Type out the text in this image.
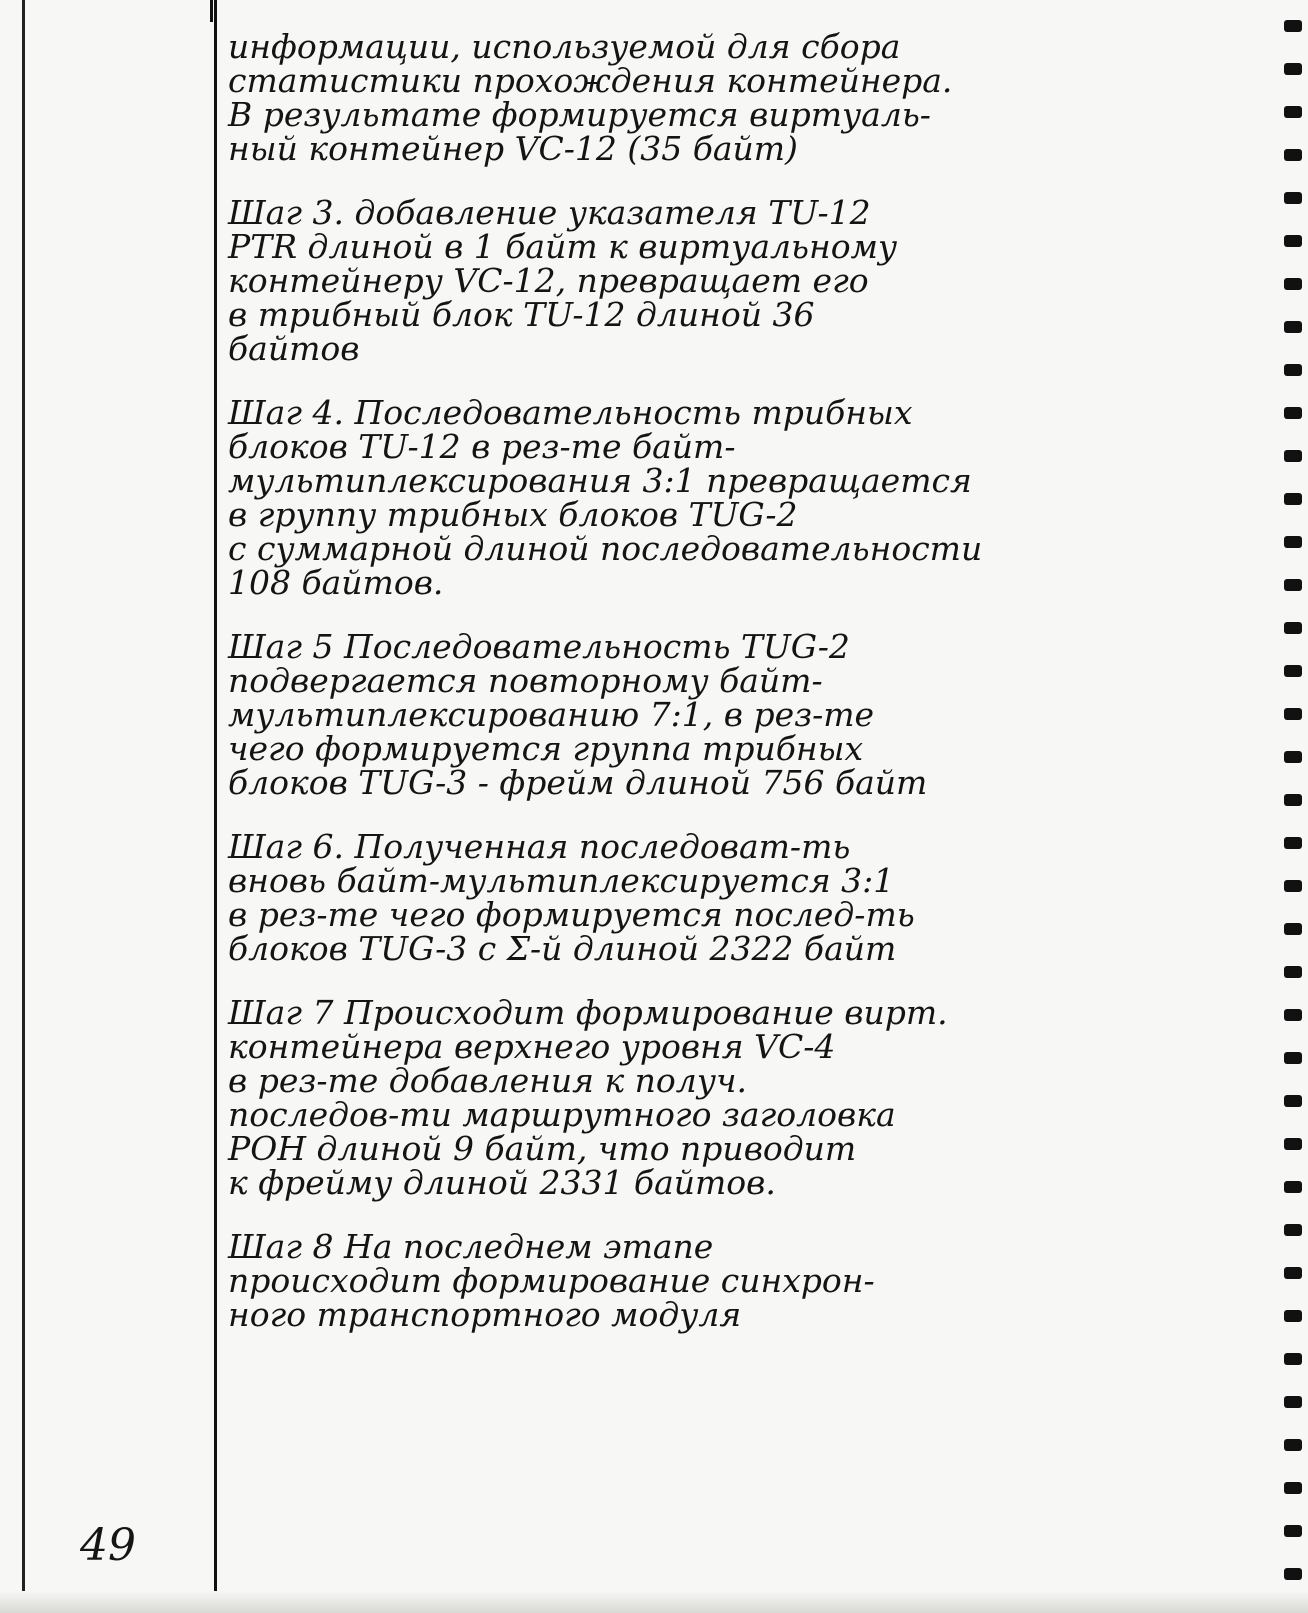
информации, используемой для сбора
статистики прохождения контейнера.
В результате формируется виртуаль-
ный контейнер VC-12 (35 байт)
Шаг 3. добавление указателя TU-12
PTR длиной в 1 байт к виртуальному
контейнеру VC-12, превращает его
в трибный блок TU-12 длиной 36
байтов
Шаг 4. Последовательность трибных
блоков TU-12 в рез-те байт-
мультиплексирования 3:1 превращается
в группу трибных блоков TUG-2
с суммарной длиной последовательности
108 байтов.
Шаг 5 Последовательность TUG-2
подвергается повторному байт-
мультиплексированию 7:1, в рез-те
чего формируется группа трибных
блоков TUG-3 - фрейм длиной 756 байт
Шаг 6. Полученная последоват-ть
вновь байт-мультиплексируется 3:1
в рез-те чего формируется послед-ть
блоков TUG-3 с Σ-й длиной 2322 байт
Шаг 7 Происходит формирование вирт.
контейнера верхнего уровня VC-4
в рез-те добавления к получ.
последов-ти маршрутного заголовка
POH длиной 9 байт, что приводит
к фрейму длиной 2331 байтов.
Шаг 8 На последнем этапе
происходит формирование синхрон-
ного транспортного модуля
49
